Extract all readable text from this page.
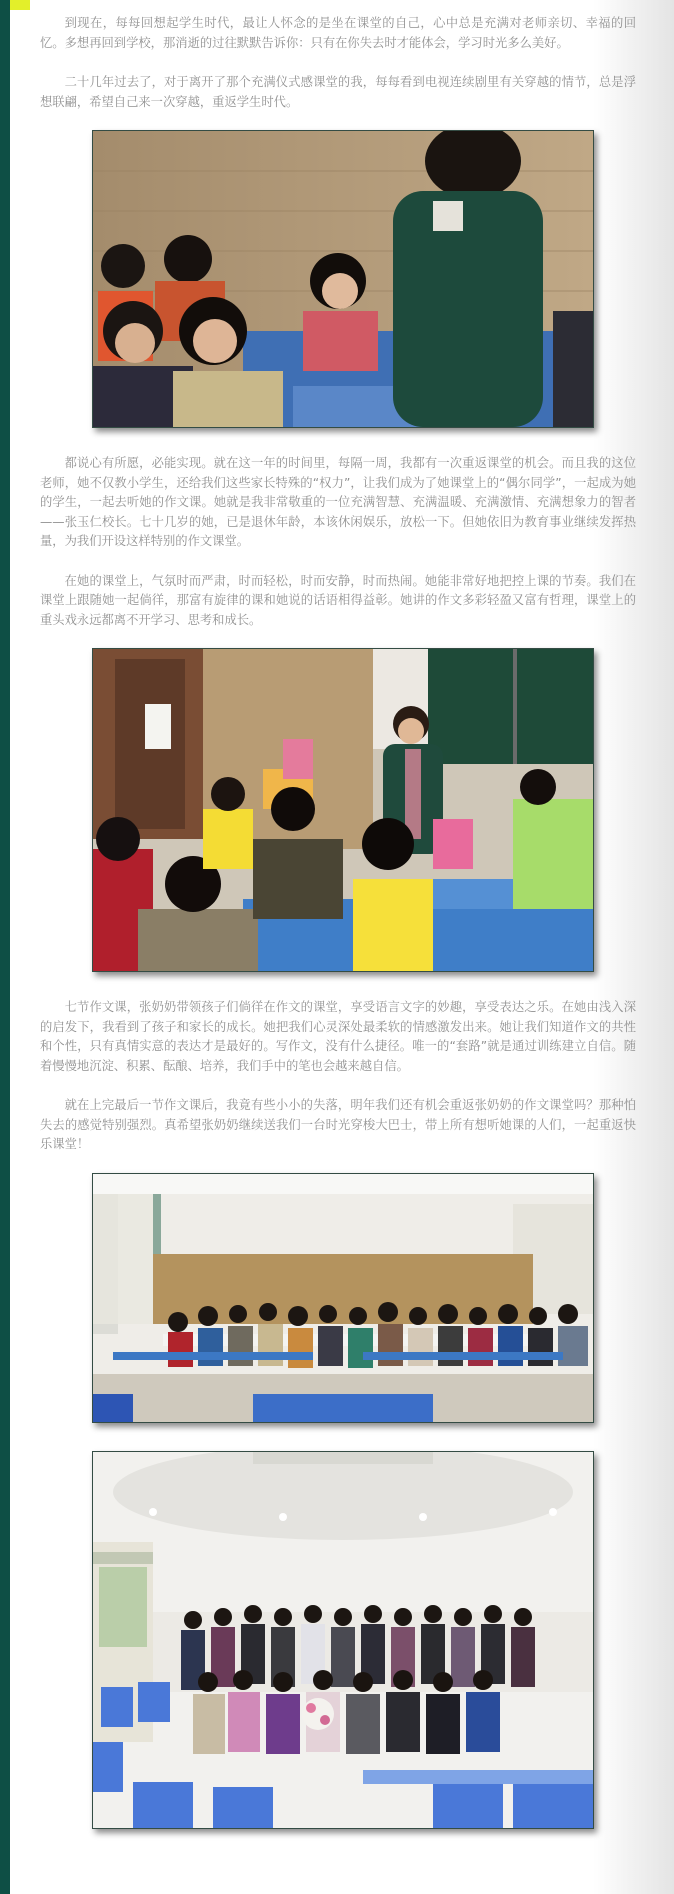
到现在，每每回想起学生时代，最让人怀念的是坐在课堂的自己，心中总是充满对老师亲切、幸福的回忆。多想再回到学校，那消逝的过往默默告诉你：只有在你失去时才能体会，学习时光多么美好。

二十几年过去了，对于离开了那个充满仪式感课堂的我，每每看到电视连续剧里有关穿越的情节，总是浮想联翩，希望自己来一次穿越，重返学生时代。

都说心有所愿，必能实现。就在这一年的时间里，每隔一周，我都有一次重返课堂的机会。而且我的这位老师，她不仅教小学生，还给我们这些家长特殊的“权力”，让我们成为了她课堂上的“偶尔同学”，一起成为她的学生，一起去听她的作文课。她就是我非常敬重的一位充满智慧、充满温暖、充满激情、充满想象力的智者——张玉仁校长。七十几岁的她，已是退休年龄，本该休闲娱乐，放松一下。但她依旧为教育事业继续发挥热量，为我们开设这样特别的作文课堂。

在她的课堂上，气氛时而严肃，时而轻松，时而安静，时而热闹。她能非常好地把控上课的节奏。我们在课堂上跟随她一起倘徉，那富有旋律的课和她说的话语相得益彰。她讲的作文多彩轻盈又富有哲理，课堂上的重头戏永远都离不开学习、思考和成长。

七节作文课，张奶奶带领孩子们倘徉在作文的课堂，享受语言文字的妙趣，享受表达之乐。在她由浅入深的启发下，我看到了孩子和家长的成长。她把我们心灵深处最柔软的情感激发出来。她让我们知道作文的共性和个性，只有真情实意的表达才是最好的。写作文，没有什么捷径。唯一的“套路”就是通过训练建立自信。随着慢慢地沉淀、积累、酝酿、培养，我们手中的笔也会越来越自信。

就在上完最后一节作文课后，我竟有些小小的失落，明年我们还有机会重返张奶奶的作文课堂吗？那种怕失去的感觉特别强烈。真希望张奶奶继续送我们一台时光穿梭大巴士，带上所有想听她课的人们，一起重返快乐课堂！
